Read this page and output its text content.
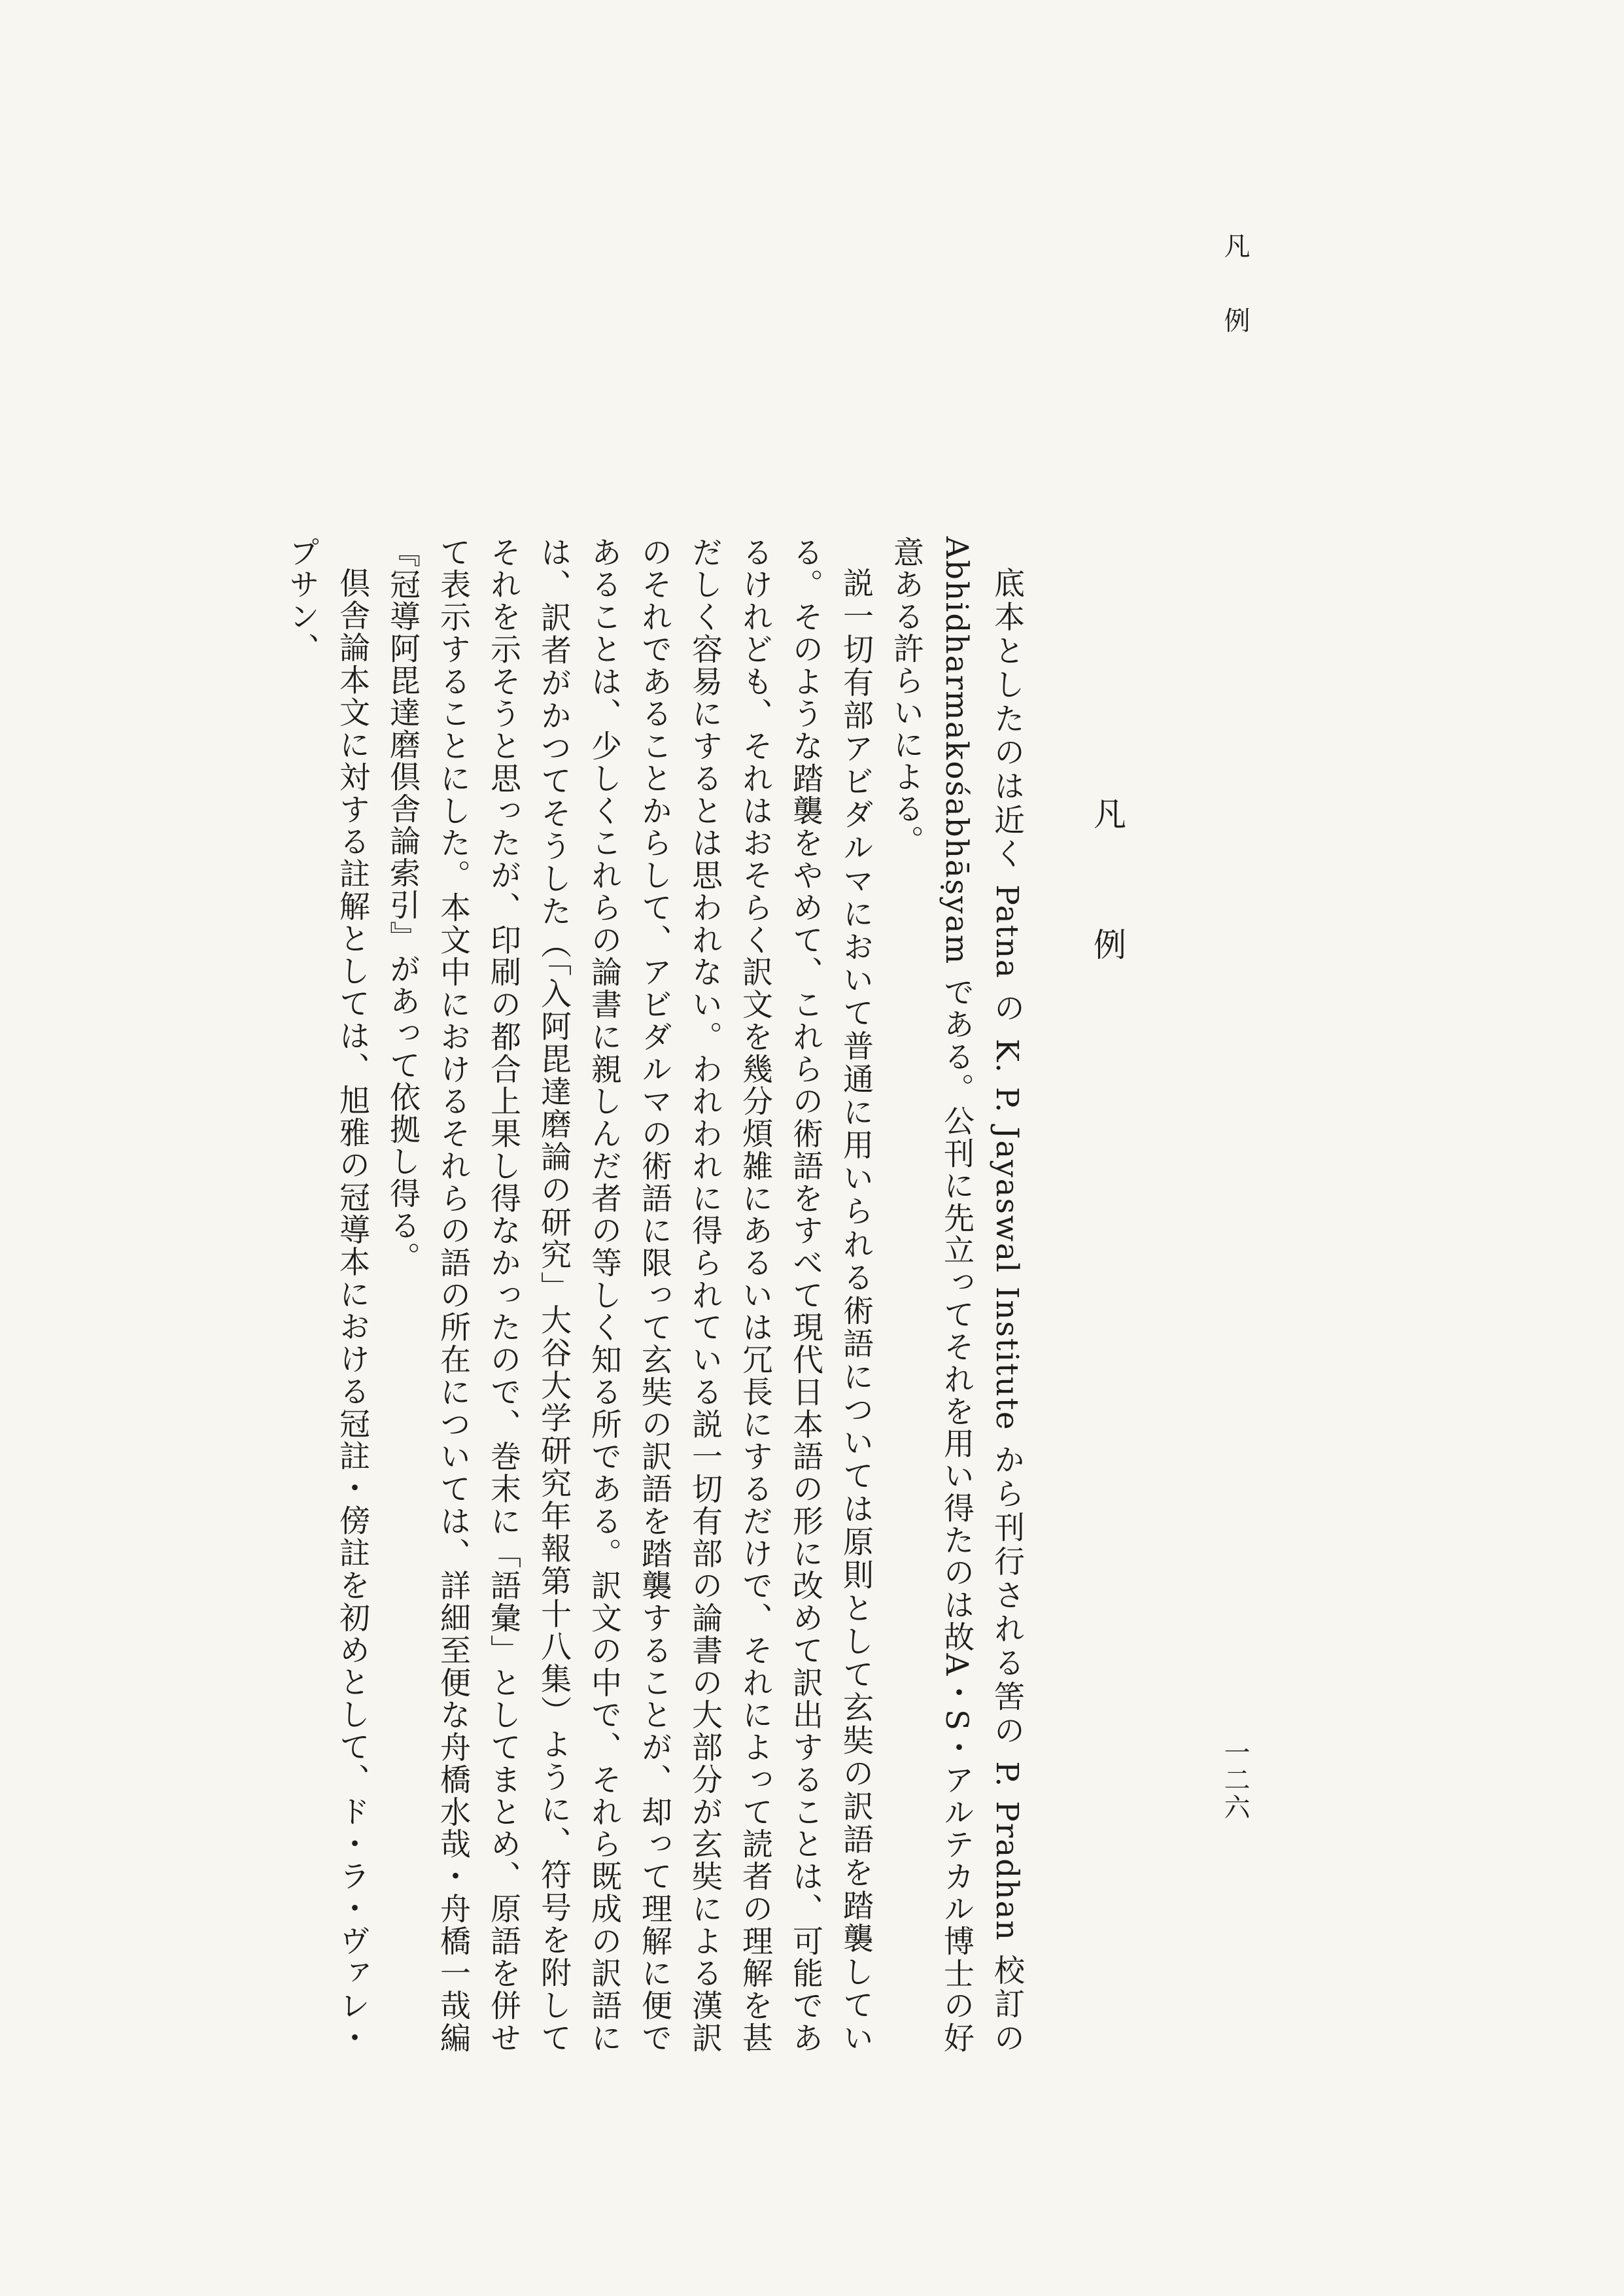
凡例
一二六
凡例

底本としたのは近く Patna の K. P. Jayaswal Institute から刊行される筈の P. Pradhan 校訂の Abhidharmakośabhāṣyam である。公刊に先立ってそれを用い得たのは故A・S・アルテカル博士の好意ある許らいによる。

説一切有部アビダルマにおいて普通に用いられる術語については原則として玄奘の訳語を踏襲している。そのような踏襲をやめて、これらの術語をすべて現代日本語の形に改めて訳出することは、可能であるけれども、それはおそらく訳文を幾分煩雑にあるいは冗長にするだけで、それによって読者の理解を甚だしく容易にするとは思われない。われわれに得られている説一切有部の論書の大部分が玄奘による漢訳のそれであることからして、アビダルマの術語に限って玄奘の訳語を踏襲することが、却って理解に便であることは、少しくこれらの論書に親しんだ者の等しく知る所である。訳文の中で、それら既成の訳語には、訳者がかつてそうした（「入阿毘達磨論の研究」大谷大学研究年報第十八集）ように、符号を附してそれを示そうと思ったが、印刷の都合上果し得なかったので、巻末に「語彙」としてまとめ、原語を併せて表示することにした。本文中におけるそれらの語の所在については、詳細至便な舟橋水哉・舟橋一哉編『冠導阿毘達磨倶舎論索引』があって依拠し得る。

倶舎論本文に対する註解としては、旭雅の冠導本における冠註・傍註を初めとして、ド・ラ・ヴァレ・プサン、
